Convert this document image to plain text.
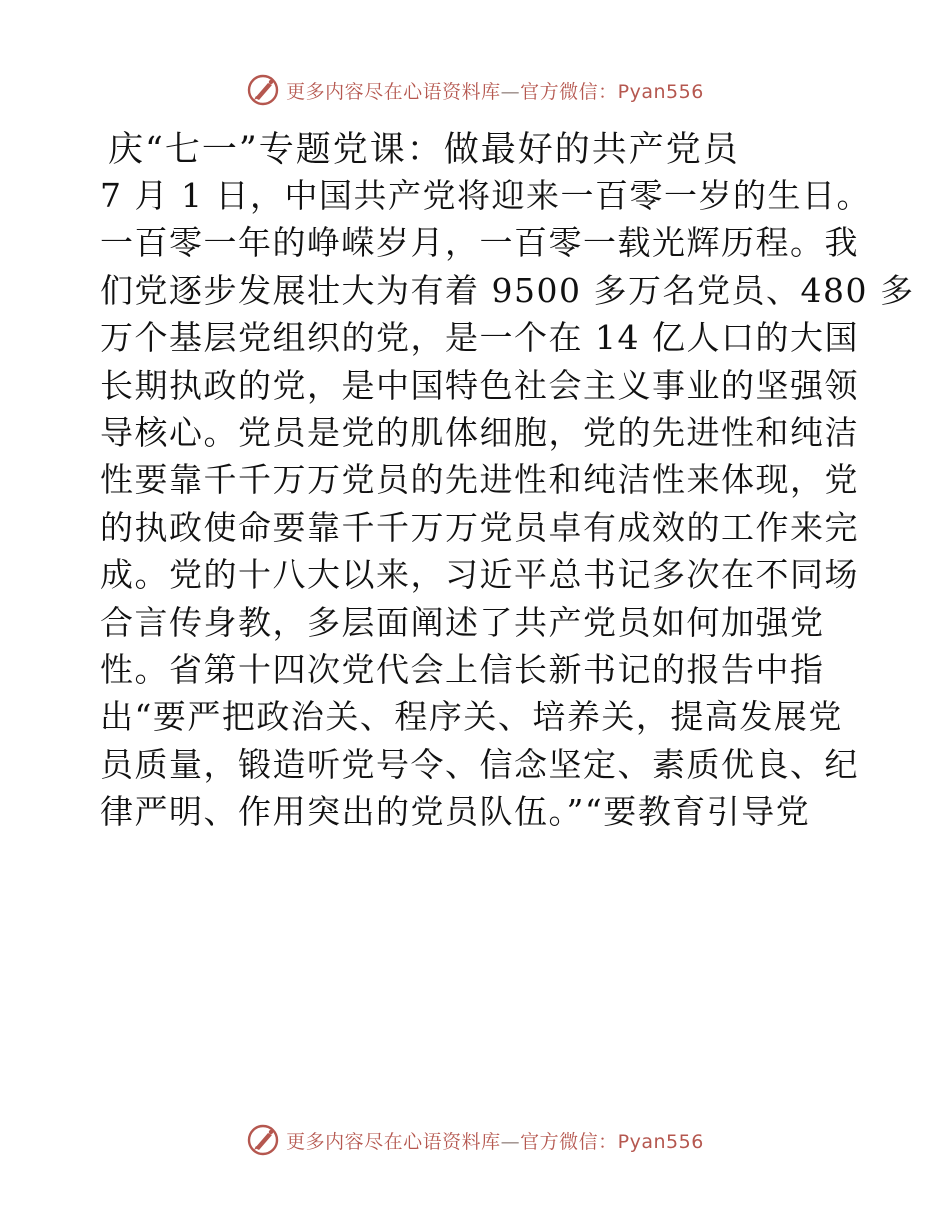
更多内容尽在心语资料库—官方微信：Pyan556
庆“七一”专题党课：做最好的共产党员
7 月 1 日，中国共产党将迎来一百零一岁的生日。
一百零一年的峥嵘岁月，一百零一载光辉历程。我
们党逐步发展壮大为有着 9500 多万名党员、480 多
万个基层党组织的党，是一个在 14 亿人口的大国
长期执政的党，是中国特色社会主义事业的坚强领
导核心。党员是党的肌体细胞，党的先进性和纯洁
性要靠千千万万党员的先进性和纯洁性来体现，党
的执政使命要靠千千万万党员卓有成效的工作来完
成。党的十八大以来，习近平总书记多次在不同场
合言传身教，多层面阐述了共产党员如何加强党
性。省第十四次党代会上信长新书记的报告中指
出“要严把政治关、程序关、培养关，提高发展党
员质量，锻造听党号令、信念坚定、素质优良、纪
律严明、作用突出的党员队伍。”“要教育引导党
更多内容尽在心语资料库—官方微信：Pyan556
